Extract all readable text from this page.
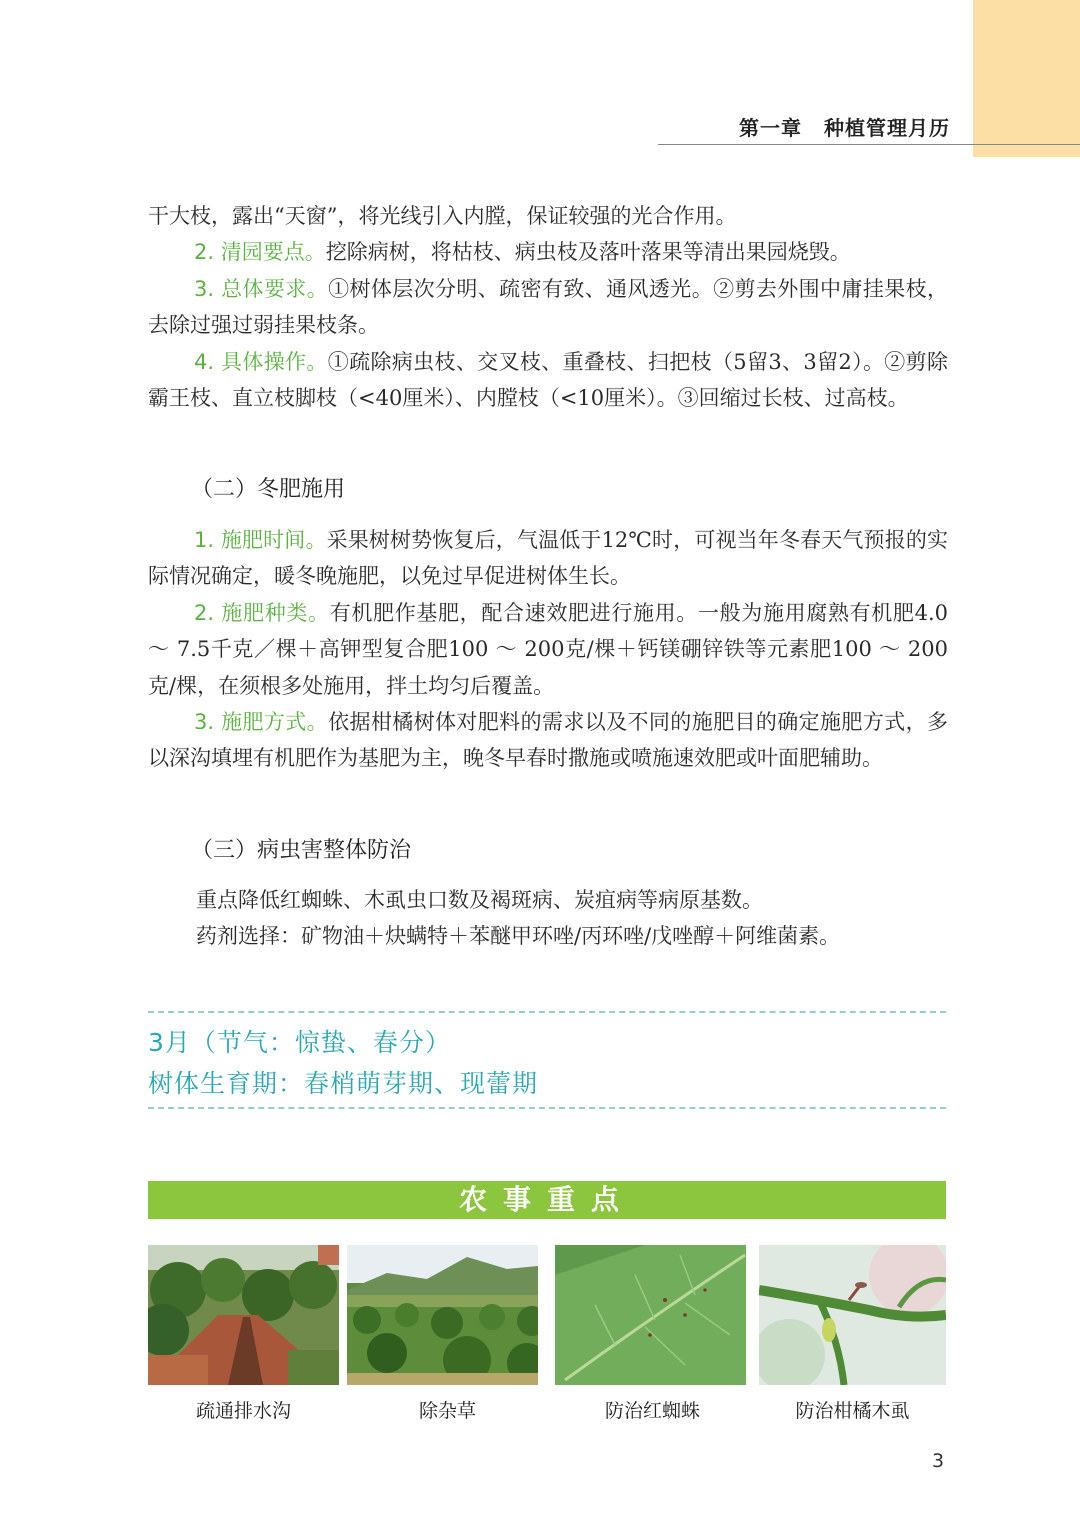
第一章 种植管理月历

干大枝，露出“天窗”，将光线引入内膛，保证较强的光合作用。

2. 清园要点。挖除病树，将枯枝、病虫枝及落叶落果等清出果园烧毁。

3. 总体要求。①树体层次分明、疏密有致、通风透光。②剪去外围中庸挂果枝，去除过强过弱挂果枝条。

4. 具体操作。①疏除病虫枝、交叉枝、重叠枝、扫把枝（5留3、3留2）。②剪除霸王枝、直立枝脚枝（<40厘米）、内膛枝（<10厘米）。③回缩过长枝、过高枝。

（二）冬肥施用

1. 施肥时间。采果树树势恢复后，气温低于12℃时，可视当年冬春天气预报的实际情况确定，暖冬晚施肥，以免过早促进树体生长。

2. 施肥种类。有机肥作基肥，配合速效肥进行施用。一般为施用腐熟有机肥4.0 ～ 7.5千克／棵＋高钾型复合肥100 ～ 200克/棵＋钙镁硼锌铁等元素肥100 ～ 200克/棵，在须根多处施用，拌土均匀后覆盖。

3. 施肥方式。依据柑橘树体对肥料的需求以及不同的施肥目的确定施肥方式，多以深沟填埋有机肥作为基肥为主，晚冬早春时撒施或喷施速效肥或叶面肥辅助。

（三）病虫害整体防治
重点降低红蜘蛛、木虱虫口数及褐斑病、炭疽病等病原基数。
药剂选择：矿物油＋炔螨特＋苯醚甲环唑/丙环唑/戊唑醇＋阿维菌素。
3月（节气：惊蛰、春分）
树体生育期：春梢萌芽期、现蕾期
农事重点
疏通排水沟	除杂草	防治红蜘蛛	防治柑橘木虱
3
